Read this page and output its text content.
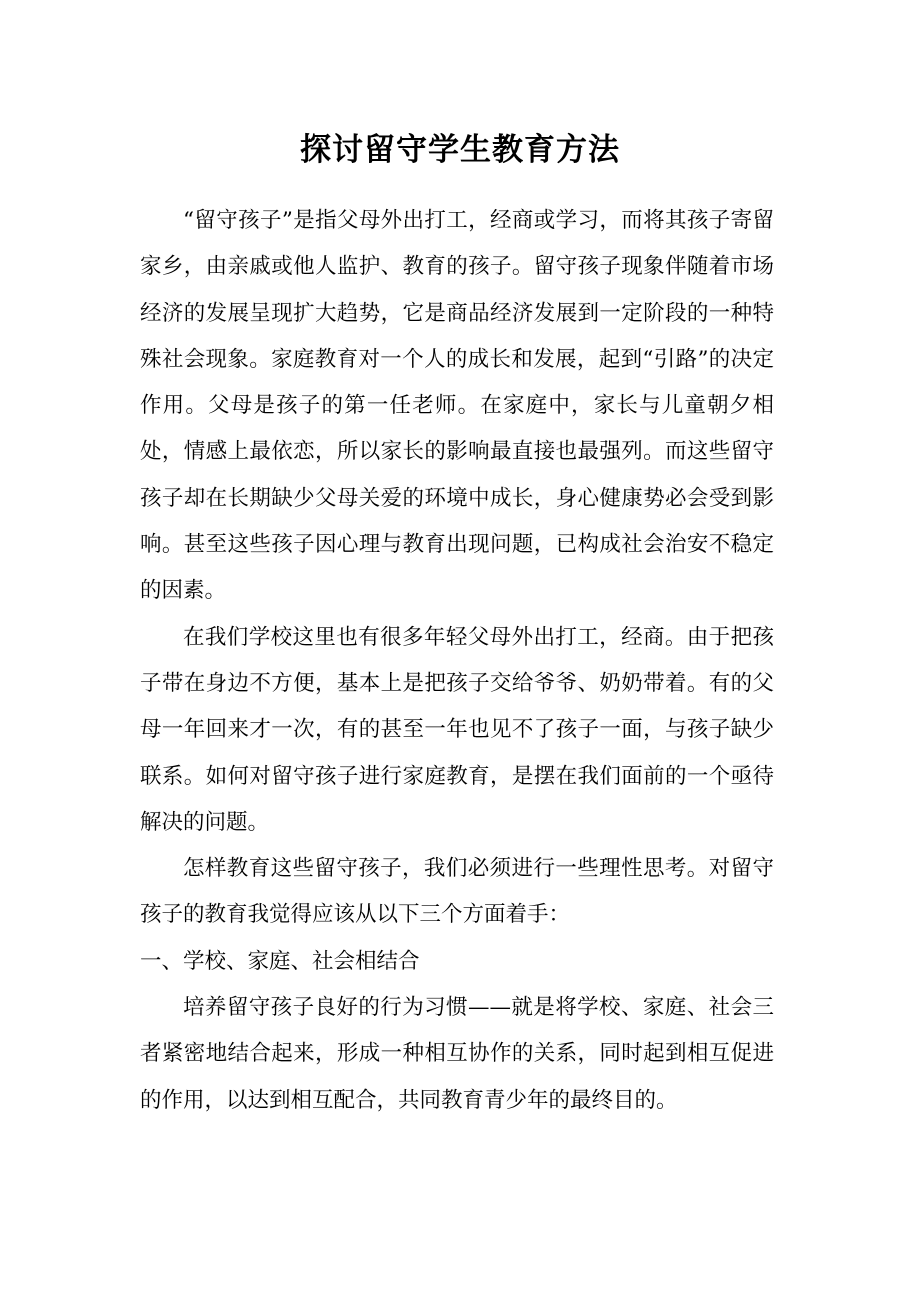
探讨留守学生教育方法

“留守孩子”是指父母外出打工，经商或学习，而将其孩子寄留家乡，由亲戚或他人监护、教育的孩子。留守孩子现象伴随着市场经济的发展呈现扩大趋势，它是商品经济发展到一定阶段的一种特殊社会现象。家庭教育对一个人的成长和发展，起到“引路”的决定作用。父母是孩子的第一任老师。在家庭中，家长与儿童朝夕相处，情感上最依恋，所以家长的影响最直接也最强列。而这些留守孩子却在长期缺少父母关爱的环境中成长，身心健康势必会受到影响。甚至这些孩子因心理与教育出现问题，已构成社会治安不稳定的因素。

在我们学校这里也有很多年轻父母外出打工，经商。由于把孩子带在身边不方便，基本上是把孩子交给爷爷、奶奶带着。有的父母一年回来才一次，有的甚至一年也见不了孩子一面，与孩子缺少联系。如何对留守孩子进行家庭教育，是摆在我们面前的一个亟待解决的问题。

怎样教育这些留守孩子，我们必须进行一些理性思考。对留守孩子的教育我觉得应该从以下三个方面着手：

一、学校、家庭、社会相结合

培养留守孩子良好的行为习惯——就是将学校、家庭、社会三者紧密地结合起来，形成一种相互协作的关系，同时起到相互促进的作用，以达到相互配合，共同教育青少年的最终目的。
